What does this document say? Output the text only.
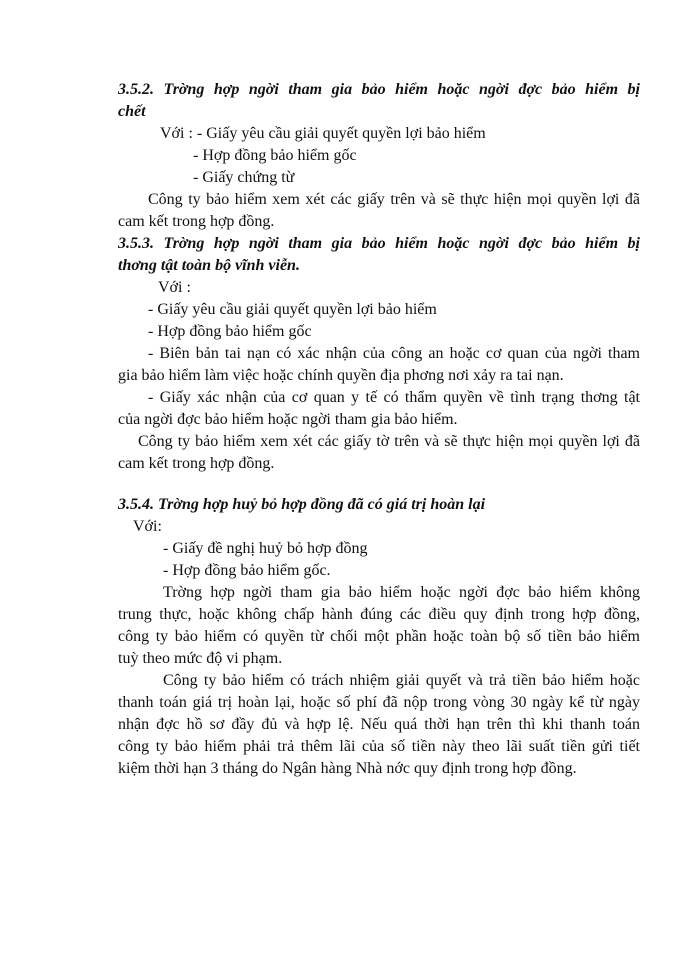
3.5.2. Trờng hợp ngời tham gia bảo hiểm hoặc ngời đợc bảo hiểm bị
chết
Với : - Giấy yêu cầu giải quyết quyền lợi bảo hiểm
- Hợp đồng bảo hiểm gốc
- Giấy chứng từ
Công ty bảo hiểm xem xét các giấy trên và sẽ thực hiện mọi quyền lợi đã
cam kết trong hợp đồng.
3.5.3. Trờng hợp ngời tham gia bảo hiểm hoặc ngời đợc bảo hiểm bị
thơng tật toàn bộ vĩnh viễn.
Với :
- Giấy yêu cầu giải quyết quyền lợi bảo hiểm
- Hợp đồng bảo hiểm gốc
- Biên bản tai nạn có xác nhận của công an hoặc cơ quan của ngời tham
gia bảo hiểm làm việc hoặc chính quyền địa phơng nơi xảy ra tai nạn.
- Giấy xác nhận của cơ quan y tế có thẩm quyền về tình trạng thơng tật
của ngời đợc bảo hiểm hoặc ngời tham gia bảo hiểm.
Công ty bảo hiểm xem xét các giấy tờ trên và sẽ thực hiện mọi quyền lợi đã
cam kết trong hợp đồng.
3.5.4. Trờng hợp huỷ bỏ hợp đồng đã có giá trị hoàn lại
Với:
- Giấy đề nghị huỷ bỏ hợp đồng
- Hợp đồng bảo hiểm gốc.
Trờng hợp ngời tham gia bảo hiểm hoặc ngời đợc bảo hiểm không
trung thực, hoặc không chấp hành đúng các điều quy định trong hợp đồng,
công ty bảo hiểm có quyền từ chối một phần hoặc toàn bộ số tiền bảo hiểm
tuỳ theo mức độ vi phạm.
Công ty bảo hiểm có trách nhiệm giải quyết và trả tiền bảo hiểm hoặc
thanh toán giá trị hoàn lại, hoặc số phí đã nộp trong vòng 30 ngày kể từ ngày
nhận đợc hồ sơ đầy đủ và hợp lệ. Nếu quá thời hạn trên thì khi thanh toán
công ty bảo hiểm phải trả thêm lãi của số tiền này theo lãi suất tiền gửi tiết
kiệm thời hạn 3 tháng do Ngân hàng Nhà nớc quy định trong hợp đồng.
